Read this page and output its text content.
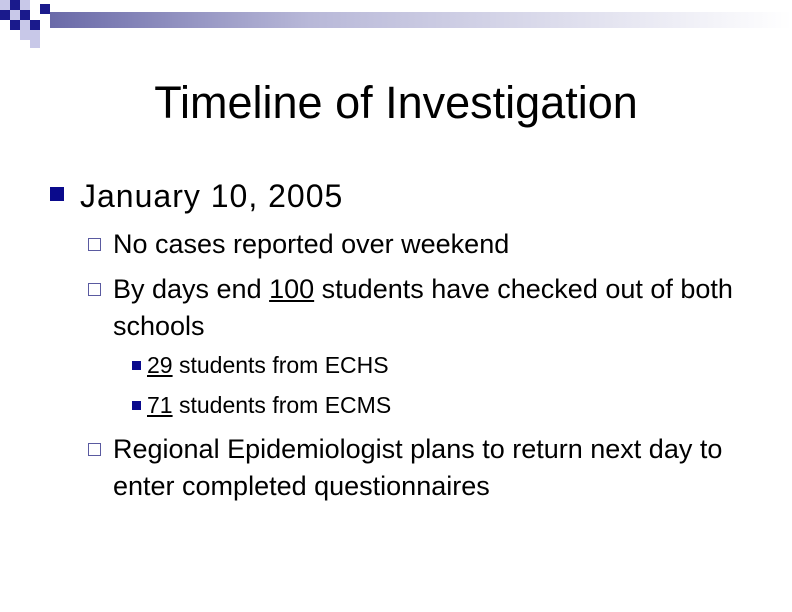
Timeline of Investigation
January 10, 2005
No cases reported over weekend
By days end 100 students have checked out of both schools
29 students from ECHS
71 students from ECMS
Regional Epidemiologist plans to return next day to enter completed questionnaires
